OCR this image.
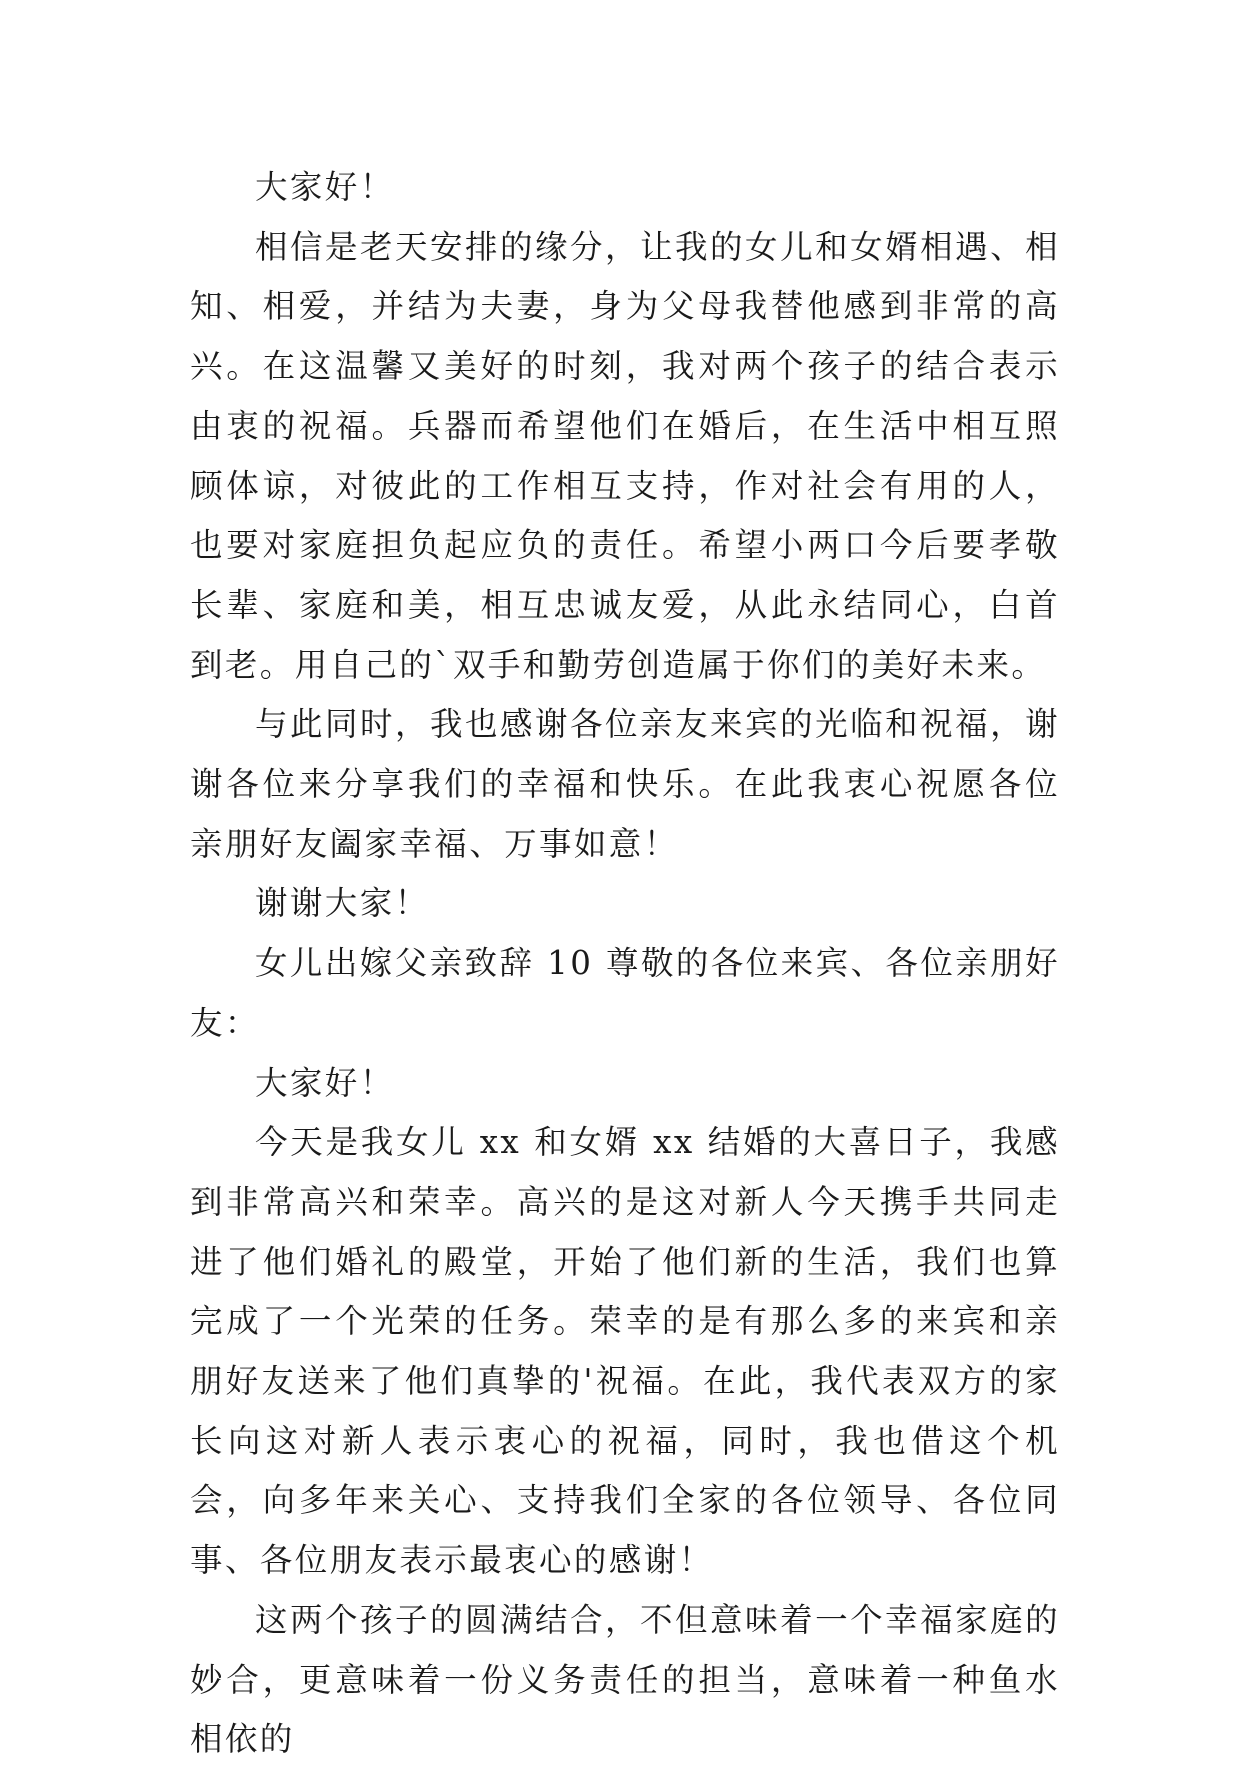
大家好！

相信是老天安排的缘分，让我的女儿和女婿相遇、相知、相爱，并结为夫妻，身为父母我替他感到非常的高兴。在这温馨又美好的时刻，我对两个孩子的结合表示由衷的祝福。兵器而希望他们在婚后，在生活中相互照顾体谅，对彼此的工作相互支持，作对社会有用的人，也要对家庭担负起应负的责任。希望小两口今后要孝敬长辈、家庭和美，相互忠诚友爱，从此永结同心，白首到老。用自己的`双手和勤劳创造属于你们的美好未来。

与此同时，我也感谢各位亲友来宾的光临和祝福，谢谢各位来分享我们的幸福和快乐。在此我衷心祝愿各位亲朋好友阖家幸福、万事如意！

谢谢大家！

女儿出嫁父亲致辞 10 尊敬的各位来宾、各位亲朋好友：

大家好！

今天是我女儿 xx 和女婿 xx 结婚的大喜日子，我感到非常高兴和荣幸。高兴的是这对新人今天携手共同走进了他们婚礼的殿堂，开始了他们新的生活，我们也算完成了一个光荣的任务。荣幸的是有那么多的来宾和亲朋好友送来了他们真挚的'祝福。在此，我代表双方的家长向这对新人表示衷心的祝福，同时，我也借这个机会，向多年来关心、支持我们全家的各位领导、各位同事、各位朋友表示最衷心的感谢！

这两个孩子的圆满结合，不但意味着一个幸福家庭的妙合，更意味着一份义务责任的担当，意味着一种鱼水相依的
